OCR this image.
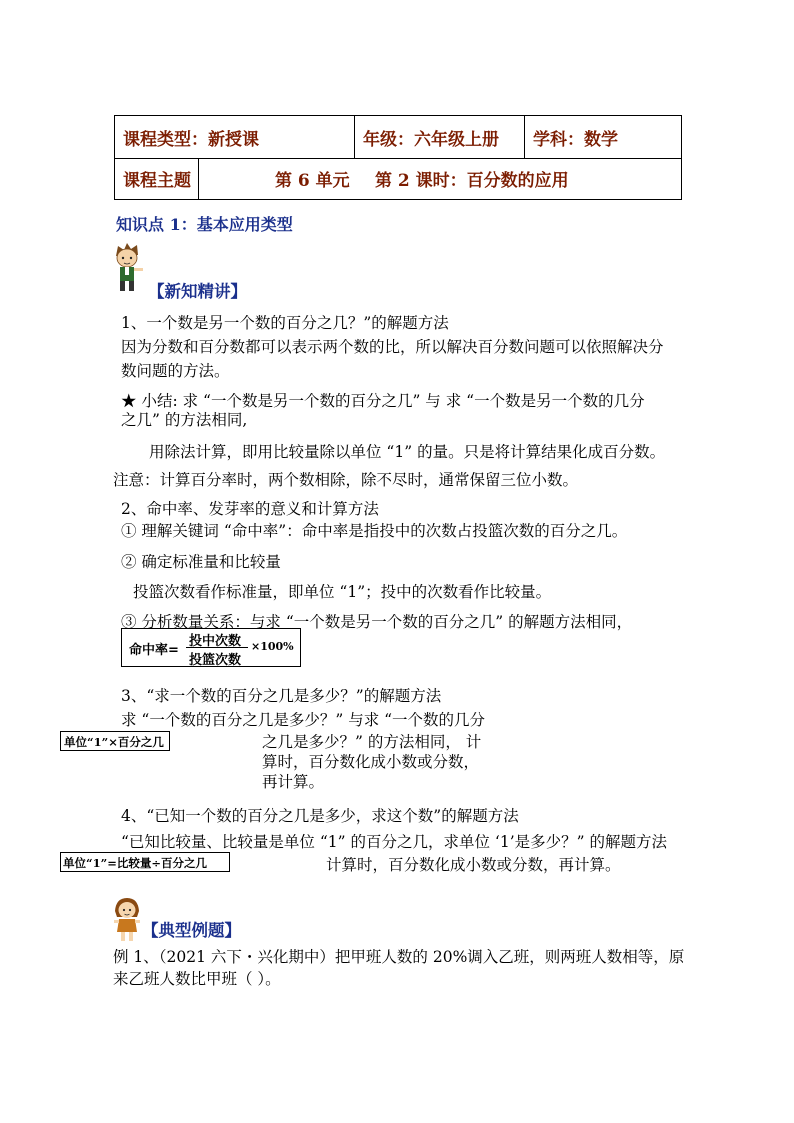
课程类型：新授课	年级：六年级上册	学科：数学
课程主题	第 6 单元	第 2 课时：百分数的应用
知识点 1：基本应用类型
【新知精讲】
1、一个数是另一个数的百分之几？”的解题方法
因为分数和百分数都可以表示两个数的比，所以解决百分数问题可以依照解决分
数问题的方法。
★ 小结: 求 “一个数是另一个数的百分之几” 与 求 “一个数是另一个数的几分
之几” 的方法相同,
用除法计算，即用比较量除以单位 “1” 的量。只是将计算结果化成百分数。
注意：计算百分率时，两个数相除，除不尽时，通常保留三位小数。
2、命中率、发芽率的意义和计算方法
① 理解关键词 “命中率”：命中率是指投中的次数占投篮次数的百分之几。
② 确定标准量和比较量
投篮次数看作标准量，即单位 “1”；投中的次数看作比较量。
③ 分析数量关系：与求 “一个数是另一个数的百分之几” 的解题方法相同，
命中率=
投中次数
投篮次数
×100%
3、“求一个数的百分之几是多少？”的解题方法
求 “一个数的百分之几是多少？” 与求 “一个数的几分
单位“1”×百分之几	之几是多少？” 的方法相同， 计
算时，百分数化成小数或分数，
再计算。
4、“已知一个数的百分之几是多少，求这个数”的解题方法
“已知比较量、比较量是单位 “1” 的百分之几，求单位 ‘1’是多少？” 的解题方法
单位“1”=比较量÷百分之几	计算时，百分数化成小数或分数，再计算。
【典型例题】
例 1、（2021 六下・兴化期中）把甲班人数的 20%调入乙班，则两班人数相等，原
来乙班人数比甲班（ ）。
